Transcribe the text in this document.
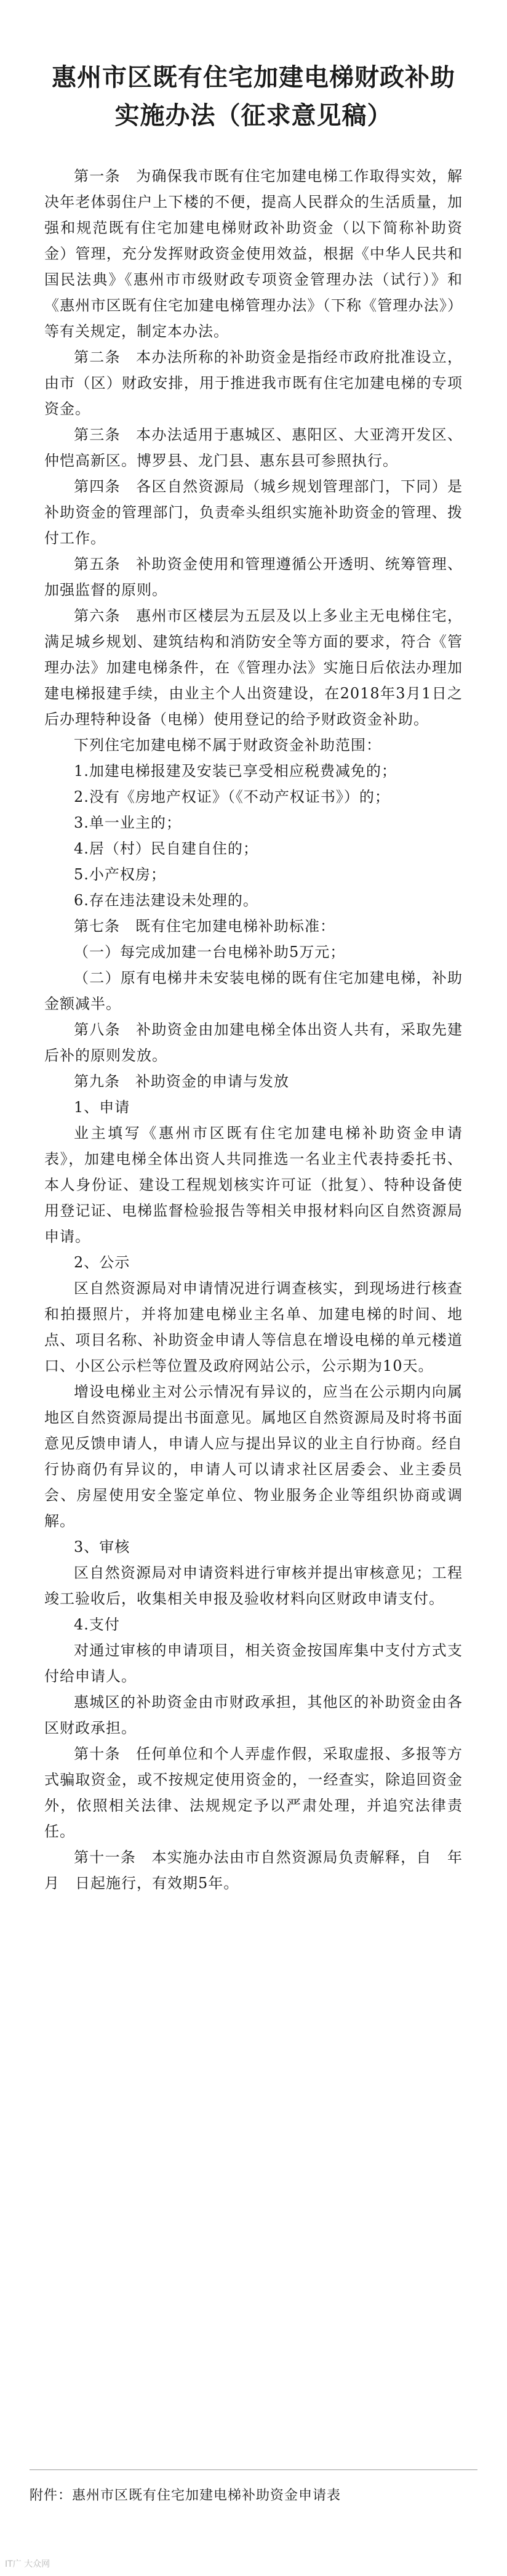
惠州市区既有住宅加建电梯财政补助
实施办法（征求意见稿）

第一条　为确保我市既有住宅加建电梯工作取得实效，解决年老体弱住户上下楼的不便，提高人民群众的生活质量，加强和规范既有住宅加建电梯财政补助资金（以下简称补助资金）管理，充分发挥财政资金使用效益，根据《中华人民共和国民法典》《惠州市市级财政专项资金管理办法（试行）》和《惠州市区既有住宅加建电梯管理办法》（下称《管理办法》）等有关规定，制定本办法。

第二条　本办法所称的补助资金是指经市政府批准设立，由市（区）财政安排，用于推进我市既有住宅加建电梯的专项资金。

第三条　本办法适用于惠城区、惠阳区、大亚湾开发区、仲恺高新区。博罗县、龙门县、惠东县可参照执行。

第四条　各区自然资源局（城乡规划管理部门，下同）是补助资金的管理部门，负责牵头组织实施补助资金的管理、拨付工作。

第五条　补助资金使用和管理遵循公开透明、统筹管理、加强监督的原则。

第六条　惠州市区楼层为五层及以上多业主无电梯住宅，满足城乡规划、建筑结构和消防安全等方面的要求，符合《管理办法》加建电梯条件，在《管理办法》实施日后依法办理加建电梯报建手续，由业主个人出资建设，在2018年3月1日之后办理特种设备（电梯）使用登记的给予财政资金补助。

下列住宅加建电梯不属于财政资金补助范围：

1.加建电梯报建及安装已享受相应税费减免的；

2.没有《房地产权证》（《不动产权证书》）的；

3.单一业主的；

4.居（村）民自建自住的；

5.小产权房；

6.存在违法建设未处理的。

第七条　既有住宅加建电梯补助标准：

（一）每完成加建一台电梯补助5万元；

（二）原有电梯井未安装电梯的既有住宅加建电梯，补助金额减半。

第八条　补助资金由加建电梯全体出资人共有，采取先建后补的原则发放。

第九条　补助资金的申请与发放

1、申请

业主填写《惠州市区既有住宅加建电梯补助资金申请表》，加建电梯全体出资人共同推选一名业主代表持委托书、本人身份证、建设工程规划核实许可证（批复）、特种设备使用登记证、电梯监督检验报告等相关申报材料向区自然资源局申请。

2、公示

区自然资源局对申请情况进行调查核实，到现场进行核查和拍摄照片，并将加建电梯业主名单、加建电梯的时间、地点、项目名称、补助资金申请人等信息在增设电梯的单元楼道口、小区公示栏等位置及政府网站公示，公示期为10天。

增设电梯业主对公示情况有异议的，应当在公示期内向属地区自然资源局提出书面意见。属地区自然资源局及时将书面意见反馈申请人，申请人应与提出异议的业主自行协商。经自行协商仍有异议的，申请人可以请求社区居委会、业主委员会、房屋使用安全鉴定单位、物业服务企业等组织协商或调解。

3、审核

区自然资源局对申请资料进行审核并提出审核意见；工程竣工验收后，收集相关申报及验收材料向区财政申请支付。

4.支付

对通过审核的申请项目，相关资金按国库集中支付方式支付给申请人。

惠城区的补助资金由市财政承担，其他区的补助资金由各区财政承担。

第十条　任何单位和个人弄虚作假，采取虚报、多报等方式骗取资金，或不按规定使用资金的，一经查实，除追回资金外，依照相关法律、法规规定予以严肃处理，并追究法律责任。

第十一条　本实施办法由市自然资源局负责解释，自　年　月　日起施行，有效期5年。

附件：惠州市区既有住宅加建电梯补助资金申请表
IT广 大众网
